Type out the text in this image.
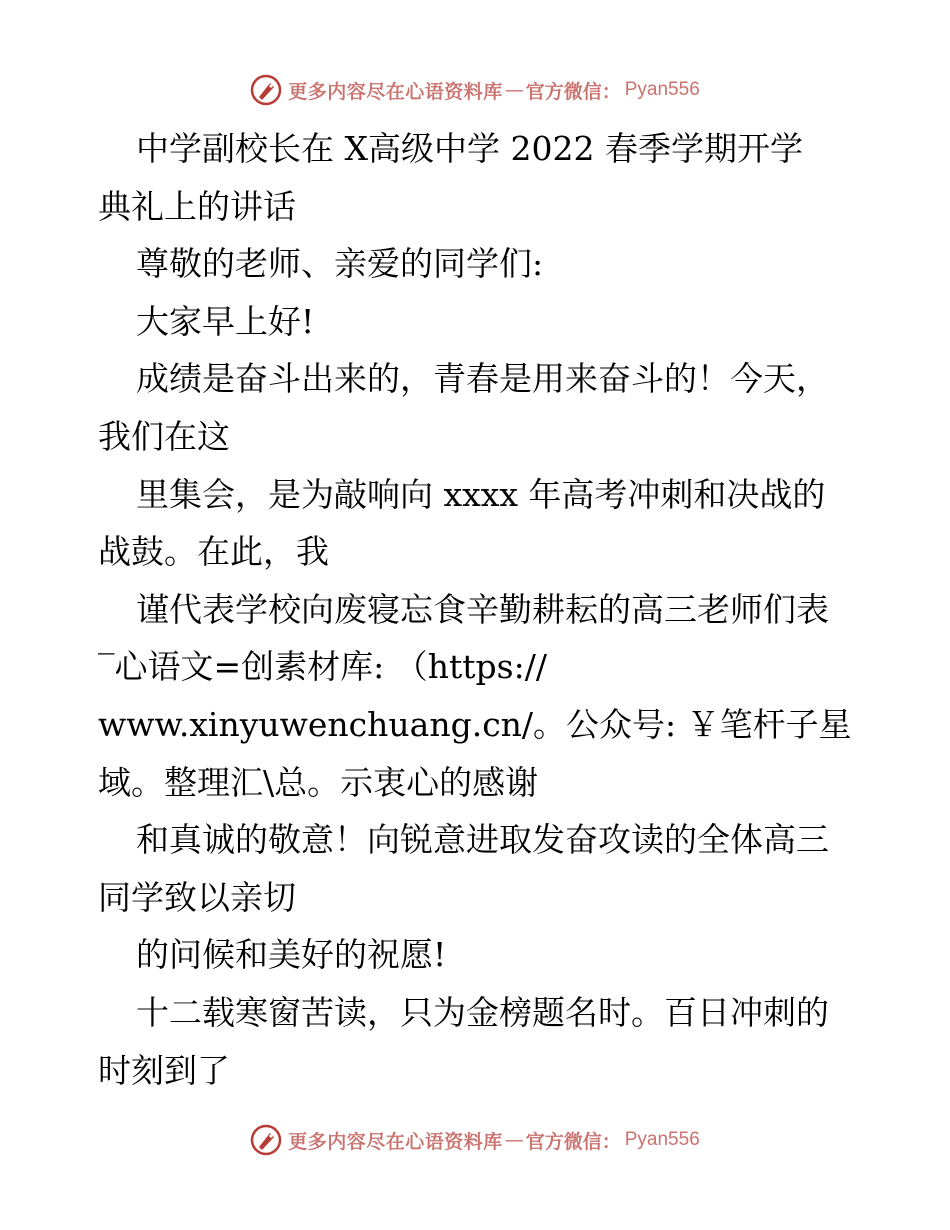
更多内容尽在心语资料库 — 官方微信： Pyan556
中学副校长在 X高级中学 2022 春季学期开学
典礼上的讲话
尊敬的老师、亲爱的同学们:
大家早上好!
成绩是奋斗出来的，青春是用来奋斗的！今天，
我们在这
里集会，是为敲响向 xxxx 年高考冲刺和决战的
战鼓。在此，我
谨代表学校向废寝忘食辛勤耕耘的高三老师们表
‾心语文=创素材库: （https://
www.xinyuwenchuang.cn/。公众号: ￥笔杆子星
域。整理汇\总。示衷心的感谢
和真诚的敬意！向锐意进取发奋攻读的全体高三
同学致以亲切
的问候和美好的祝愿!
十二载寒窗苦读，只为金榜题名时。百日冲刺的
时刻到了
更多内容尽在心语资料库 — 官方微信： Pyan556
